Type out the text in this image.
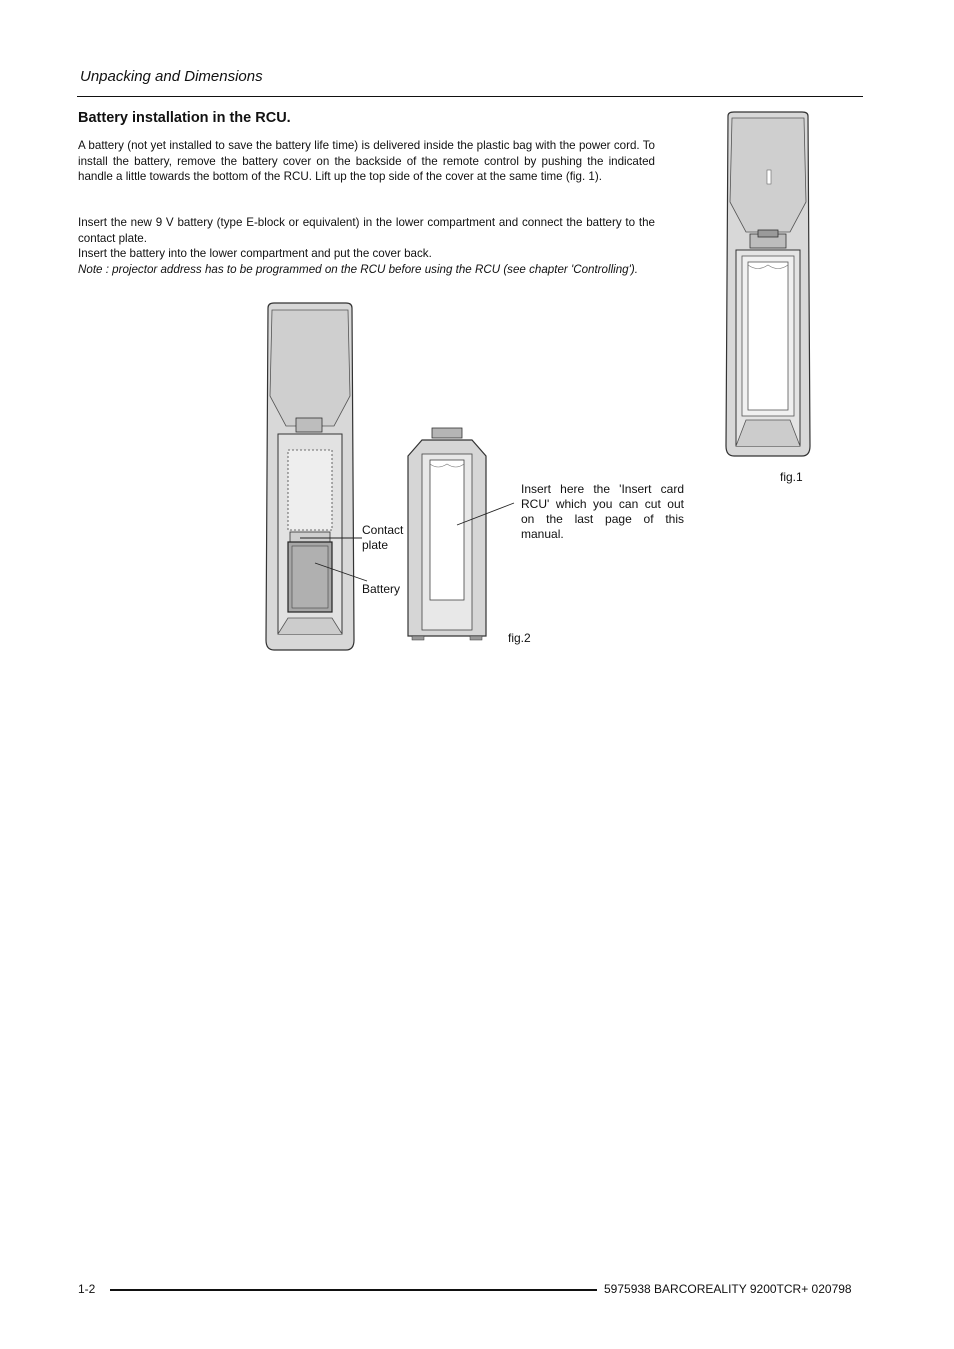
Unpacking and Dimensions
Battery installation in the RCU.
A battery (not yet installed to save the battery life time) is delivered inside the plastic bag with the power cord. To install the battery, remove the battery cover on the backside of the remote control by pushing the indicated handle a little towards the bottom of the RCU. Lift up the top side of the cover at the same time (fig. 1).
Insert the new 9 V battery (type E-block or equivalent) in the lower compartment and connect the battery to the contact plate.
Insert the battery into the lower compartment and put the cover back.
Note : projector address has to be programmed on the RCU before using the RCU (see chapter 'Controlling').
fig.1
Contact plate
Battery
Insert here the 'Insert card RCU' which you can cut out on the last page of this manual.
fig.2
1-2	5975938 BARCOREALITY 9200TCR+ 020798
